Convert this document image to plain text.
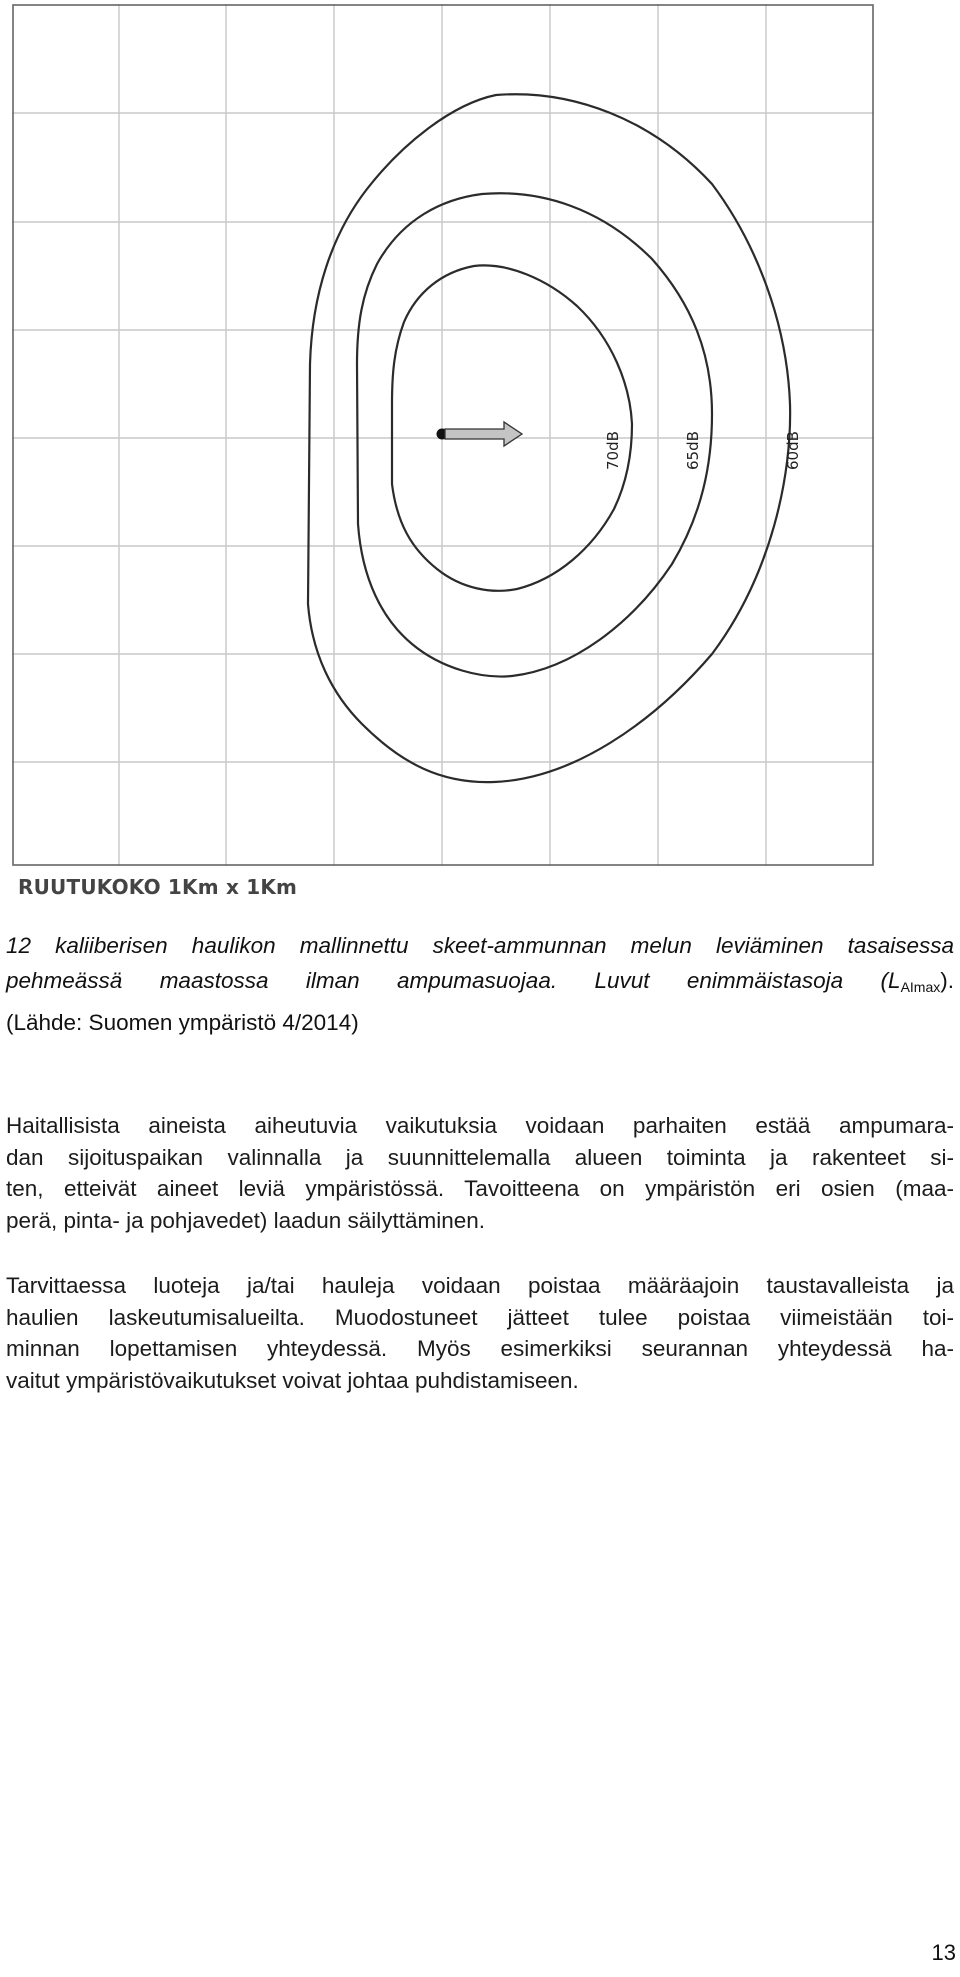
70dB	65dB	60dB
RUUTUKOKO 1Km x 1Km
12 kaliiberisen haulikon mallinnettu skeet-ammunnan melun leviäminen tasaisessa
pehmeässä maastossa ilman ampumasuojaa. Luvut enimmäistasoja $(L_{AImax})$.
(Lähde: Suomen ympäristö 4/2014)
Haitallisista aineista aiheutuvia vaikutuksia voidaan parhaiten estää ampumara-
dan sijoituspaikan valinnalla ja suunnittelemalla alueen toiminta ja rakenteet si-
ten, etteivät aineet leviä ympäristössä. Tavoitteena on ympäristön eri osien (maa-
perä, pinta- ja pohjavedet) laadun säilyttäminen.
Tarvittaessa luoteja ja/tai hauleja voidaan poistaa määräajoin taustavalleista ja
haulien laskeutumisalueilta. Muodostuneet jätteet tulee poistaa viimeistään toi-
minnan lopettamisen yhteydessä. Myös esimerkiksi seurannan yhteydessä ha-
vaitut ympäristövaikutukset voivat johtaa puhdistamiseen.
13
